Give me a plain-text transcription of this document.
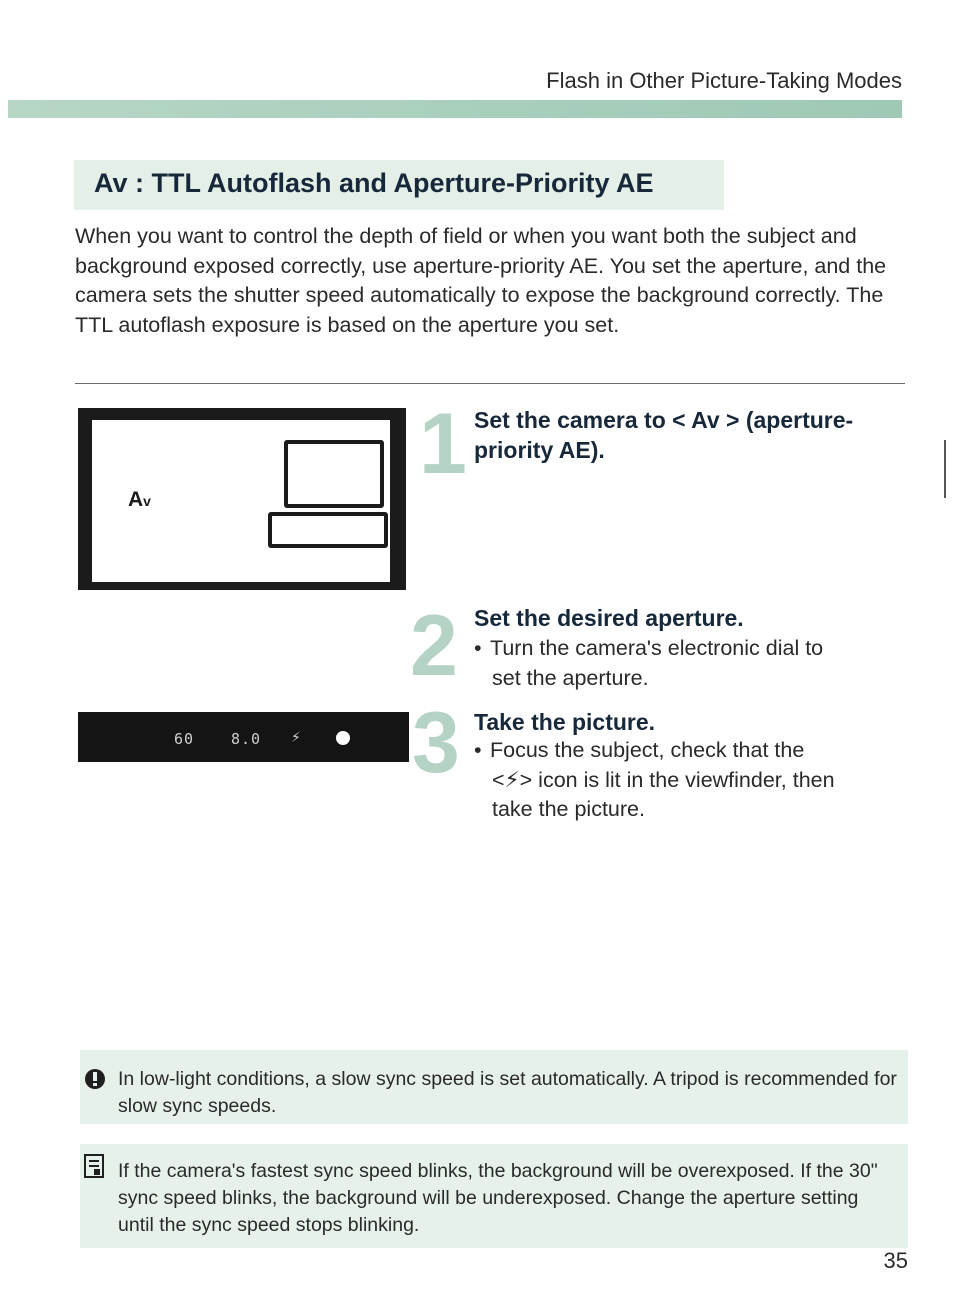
Flash in Other Picture-Taking Modes
Av : TTL Autoflash and Aperture-Priority AE

When you want to control the depth of field or when you want both the subject and background exposed correctly, use aperture-priority AE. You set the aperture, and the camera sets the shutter speed automatically to expose the background correctly. The TTL autoflash exposure is based on the aperture you set.

Av
60 8.0 ⚡
1 Set the camera to < Av > (aperture-priority AE).

2 Set the desired aperture.

• Turn the camera's electronic dial to
set the aperture.
3 Take the picture.

• Focus the subject, check that the
<⚡> icon is lit in the viewfinder, then
take the picture.
In low-light conditions, a slow sync speed is set automatically. A tripod is recommended for slow sync speeds.
If the camera's fastest sync speed blinks, the background will be overexposed. If the 30" sync speed blinks, the background will be underexposed. Change the aperture setting until the sync speed stops blinking.
35
